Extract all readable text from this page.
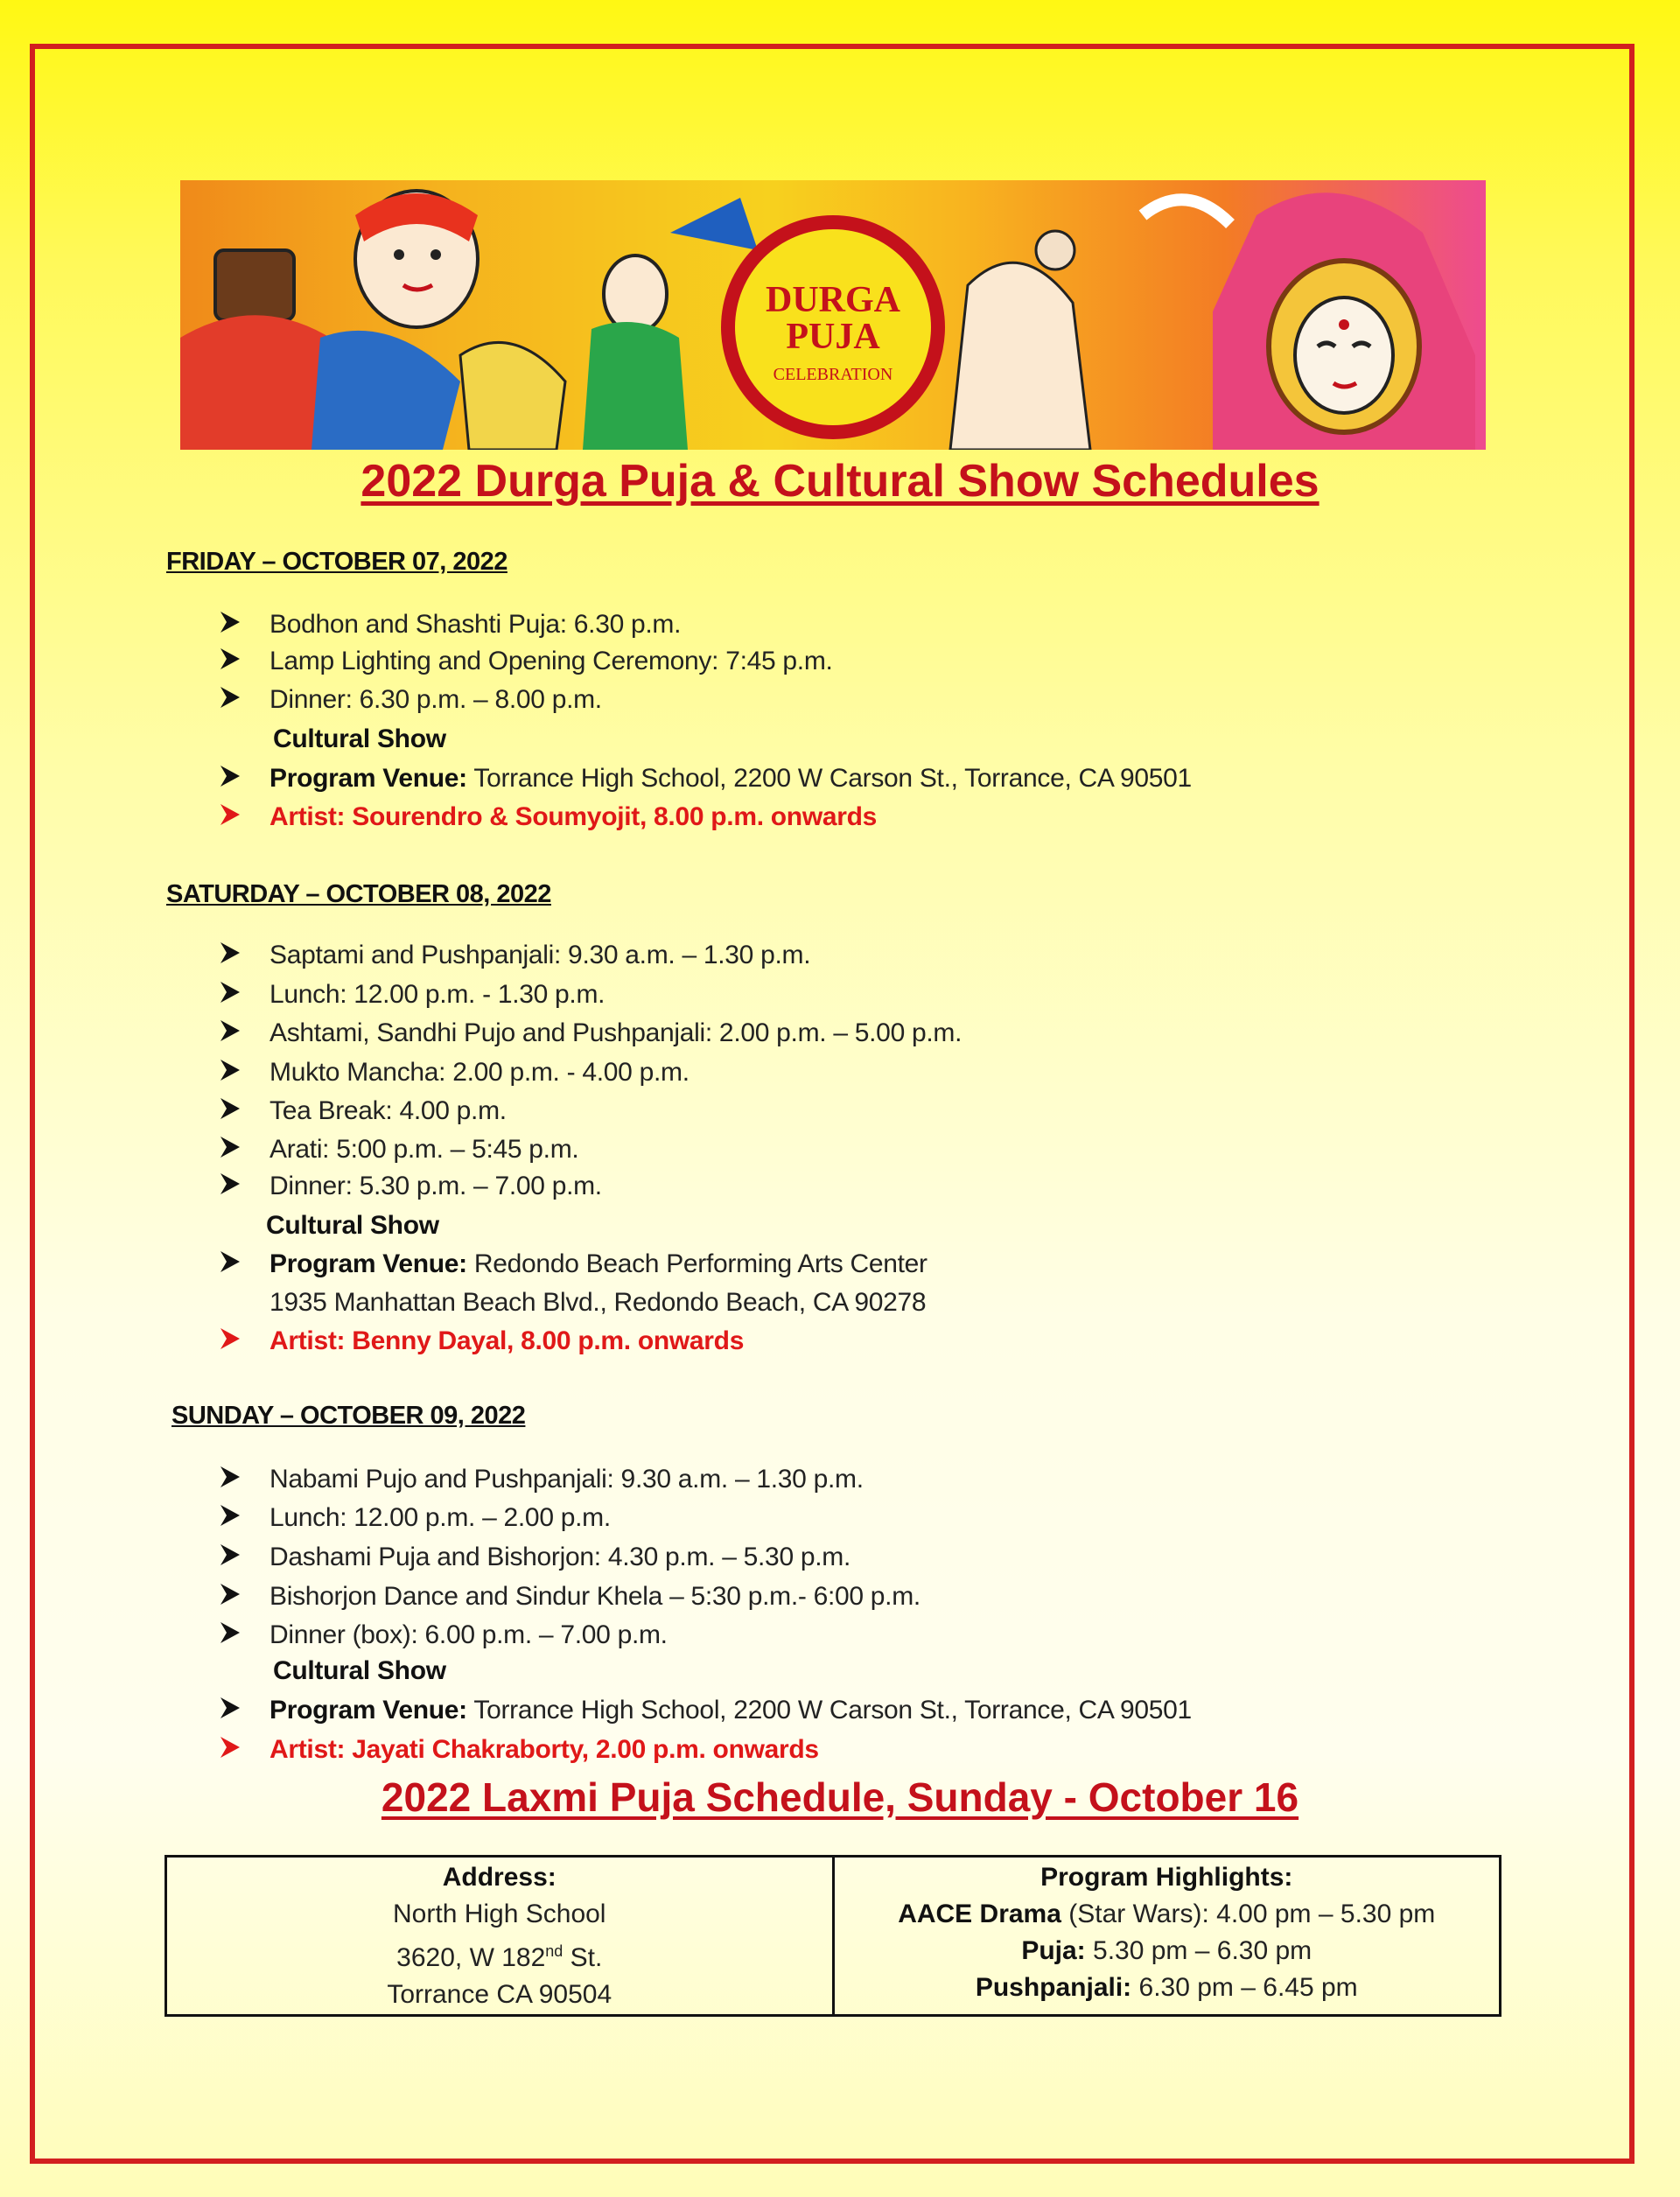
DURGA
PUJA
CELEBRATION
2022 Durga Puja & Cultural Show Schedules
FRIDAY – OCTOBER 07, 2022
Bodhon and Shashti Puja: 6.30 p.m.
Lamp Lighting and Opening Ceremony: 7:45 p.m.
Dinner: 6.30 p.m. – 8.00 p.m.
Cultural Show
Program Venue: Torrance High School, 2200 W Carson St., Torrance, CA 90501
Artist: Sourendro & Soumyojit, 8.00 p.m. onwards
SATURDAY – OCTOBER 08, 2022
Saptami and Pushpanjali: 9.30 a.m. – 1.30 p.m.
Lunch: 12.00 p.m. - 1.30 p.m.
Ashtami, Sandhi Pujo and Pushpanjali: 2.00 p.m. – 5.00 p.m.
Mukto Mancha: 2.00 p.m. - 4.00 p.m.
Tea Break: 4.00 p.m.
Arati: 5:00 p.m. – 5:45 p.m.
Dinner: 5.30 p.m. – 7.00 p.m.
Cultural Show
Program Venue: Redondo Beach Performing Arts Center
1935 Manhattan Beach Blvd., Redondo Beach, CA 90278
Artist: Benny Dayal, 8.00 p.m. onwards
SUNDAY – OCTOBER 09, 2022
Nabami Pujo and Pushpanjali: 9.30 a.m. – 1.30 p.m.
Lunch: 12.00 p.m. – 2.00 p.m.
Dashami Puja and Bishorjon: 4.30 p.m. – 5.30 p.m.
Bishorjon Dance and Sindur Khela – 5:30 p.m.- 6:00 p.m.
Dinner (box): 6.00 p.m. – 7.00 p.m.
Cultural Show
Program Venue: Torrance High School, 2200 W Carson St., Torrance, CA 90501
Artist: Jayati Chakraborty, 2.00 p.m. onwards
2022 Laxmi Puja Schedule, Sunday - October 16
Address:
North High School
3620, W 182nd St.
Torrance CA 90504

Program Highlights:
AACE Drama (Star Wars): 4.00 pm – 5.30 pm
Puja: 5.30 pm – 6.30 pm
Pushpanjali: 6.30 pm – 6.45 pm
